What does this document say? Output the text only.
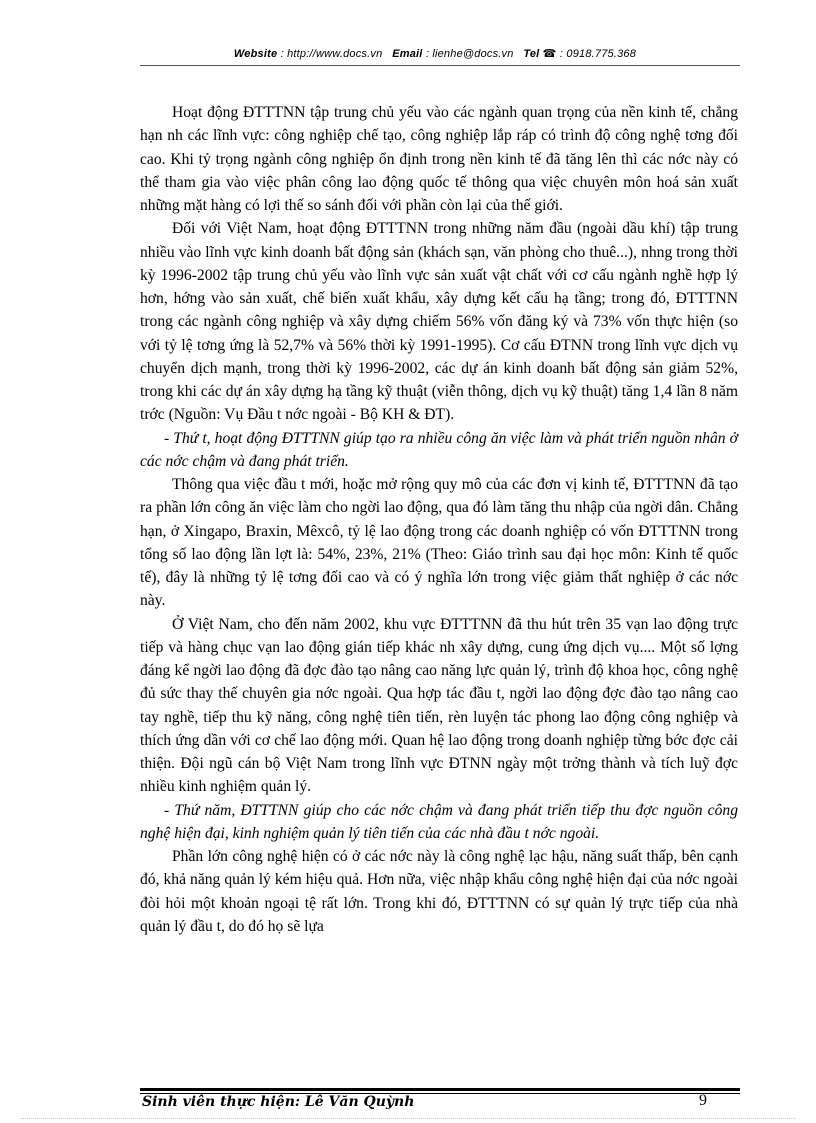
Website : http://www.docs.vn Email : lienhe@docs.vn Tel ☎ : 0918.775.368

Hoạt động ĐTTTNN tập trung chủ yếu vào các ngành quan trọng của nền kinh tế, chẳng hạn nh các lĩnh vực: công nghiệp chế tạo, công nghiệp lắp ráp có trình độ công nghệ tơng đối cao. Khi tỷ trọng ngành công nghiệp ổn định trong nền kinh tế đã tăng lên thì các nớc này có thể tham gia vào việc phân công lao động quốc tế thông qua việc chuyên môn hoá sản xuất những mặt hàng có lợi thế so sánh đối với phần còn lại của thế giới.

Đối với Việt Nam, hoạt động ĐTTTNN trong những năm đầu (ngoài dầu khí) tập trung nhiều vào lĩnh vực kinh doanh bất động sản (khách sạn, văn phòng cho thuê...), nhng trong thời kỳ 1996-2002 tập trung chủ yếu vào lĩnh vực sản xuất vật chất với cơ cấu ngành nghề hợp lý hơn, hớng vào sản xuất, chế biến xuất khẩu, xây dựng kết cấu hạ tầng; trong đó, ĐTTTNN trong các ngành công nghiệp và xây dựng chiếm 56% vốn đăng ký và 73% vốn thực hiện (so với tỷ lệ tơng ứng là 52,7% và 56% thời kỳ 1991-1995). Cơ cấu ĐTNN trong lĩnh vực dịch vụ chuyển dịch mạnh, trong thời kỳ 1996-2002, các dự án kinh doanh bất động sản giảm 52%, trong khi các dự án xây dựng hạ tầng kỹ thuật (viễn thông, dịch vụ kỹ thuật) tăng 1,4 lần 8 năm trớc (Nguồn: Vụ Đầu t nớc ngoài - Bộ KH & ĐT).

- Thứ t, hoạt động ĐTTTNN giúp tạo ra nhiều công ăn việc làm và phát triển nguồn nhân ở các nớc chậm và đang phát triển.

Thông qua việc đầu t mới, hoặc mở rộng quy mô của các đơn vị kinh tế, ĐTTTNN đã tạo ra phần lớn công ăn việc làm cho ngời lao động, qua đó làm tăng thu nhập của ngời dân. Chẳng hạn, ở Xingapo, Braxin, Mêxcô, tỷ lệ lao động trong các doanh nghiệp có vốn ĐTTTNN trong tổng số lao động lần lợt là: 54%, 23%, 21% (Theo: Giáo trình sau đại học môn: Kinh tế quốc tế), đây là những tỷ lệ tơng đối cao và có ý nghĩa lớn trong việc giảm thất nghiệp ở các nớc này.

Ở Việt Nam, cho đến năm 2002, khu vực ĐTTTNN đã thu hút trên 35 vạn lao động trực tiếp và hàng chục vạn lao động gián tiếp khác nh xây dựng, cung ứng dịch vụ.... Một số lợng đáng kể ngời lao động đã đợc đào tạo nâng cao năng lực quản lý, trình độ khoa học, công nghệ đủ sức thay thế chuyên gia nớc ngoài. Qua hợp tác đầu t, ngời lao động đợc đào tạo nâng cao tay nghề, tiếp thu kỹ năng, công nghệ tiên tiến, rèn luyện tác phong lao động công nghiệp và thích ứng dần với cơ chế lao động mới. Quan hệ lao động trong doanh nghiệp từng bớc đợc cải thiện. Đội ngũ cán bộ Việt Nam trong lĩnh vực ĐTNN ngày một trởng thành và tích luỹ đợc nhiều kinh nghiệm quản lý.

- Thứ năm, ĐTTTNN giúp cho các nớc chậm và đang phát triển tiếp thu đợc nguồn công nghệ hiện đại, kinh nghiệm quản lý tiên tiến của các nhà đầu t nớc ngoài.

Phần lớn công nghệ hiện có ở các nớc này là công nghệ lạc hậu, năng suất thấp, bên cạnh đó, khả năng quản lý kém hiệu quả. Hơn nữa, việc nhập khẩu công nghệ hiện đại của nớc ngoài đòi hỏi một khoản ngoại tệ rất lớn. Trong khi đó, ĐTTTNN có sự quản lý trực tiếp của nhà quản lý đầu t, do đó họ sẽ lựa

Sinh viên thực hiện: Lê Văn Quỳnh	9
